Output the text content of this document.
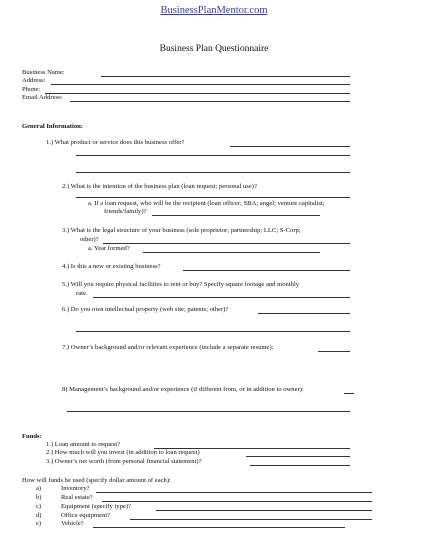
BusinessPlanMentor.com
Business Plan Questionnaire
Business Name:
Address:
Phone:
Email Address:
General Information:
1.) What product or service does this business offer?
2.) What is the intention of the business plan (loan request; personal use)?
a. If a loan request, who will be the recipient (loan officer; SBA; angel; venture capitalist;
friends/family)?
3.) What is the legal structure of your business (sole proprietor; partnership; LLC; S-Corp;
other)?
a. Year formed?
4.) Is this a new or existing business?
5.) Will you require physical facilities to rent or buy? Specify square footage and monthly
rate.
6.) Do you own intellectual property (web site; patents; other)?
7.) Owner’s background and/or relevant experience (include a separate resume):
8) Management’s background and/or experience (if different from, or in addition to owner):
Funds:
1.) Loan amount to request?
2.) How much will you invest (in addition to loan request)
3.) Owner’s net worth (from personal financial statement)?
How will funds be used (specify dollar amount of each):
a)	Inventory?
b)	Real estate?
c)	Equipment (specify type)?
d)	Office equipment?
e)	Vehicle?
